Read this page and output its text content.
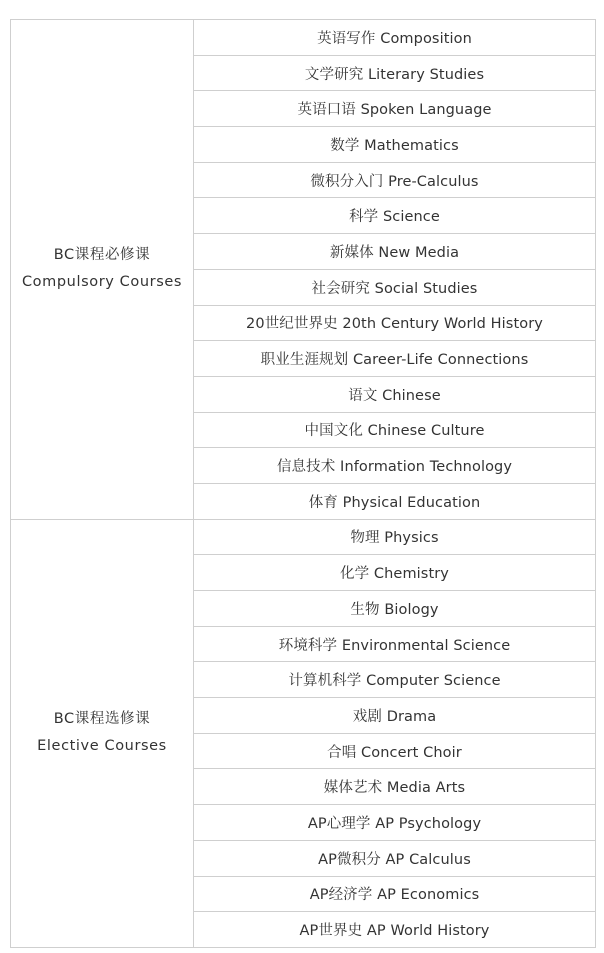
BC课程必修课
Compulsory Courses	英语写作 Composition
	文学研究 Literary Studies
	英语口语 Spoken Language
	数学 Mathematics
	微积分入门 Pre-Calculus
	科学 Science
	新媒体 New Media
	社会研究 Social Studies
	20世纪世界史 20th Century World History
	职业生涯规划 Career-Life Connections
	语文 Chinese
	中国文化 Chinese Culture
	信息技术 Information Technology
	体育 Physical Education

BC课程选修课
Elective Courses	物理 Physics
	化学 Chemistry
	生物 Biology
	环境科学 Environmental Science
	计算机科学 Computer Science
	戏剧 Drama
	合唱 Concert Choir
	媒体艺术 Media Arts
	AP心理学 AP Psychology
	AP微积分 AP Calculus
	AP经济学 AP Economics
	AP世界史 AP World History
